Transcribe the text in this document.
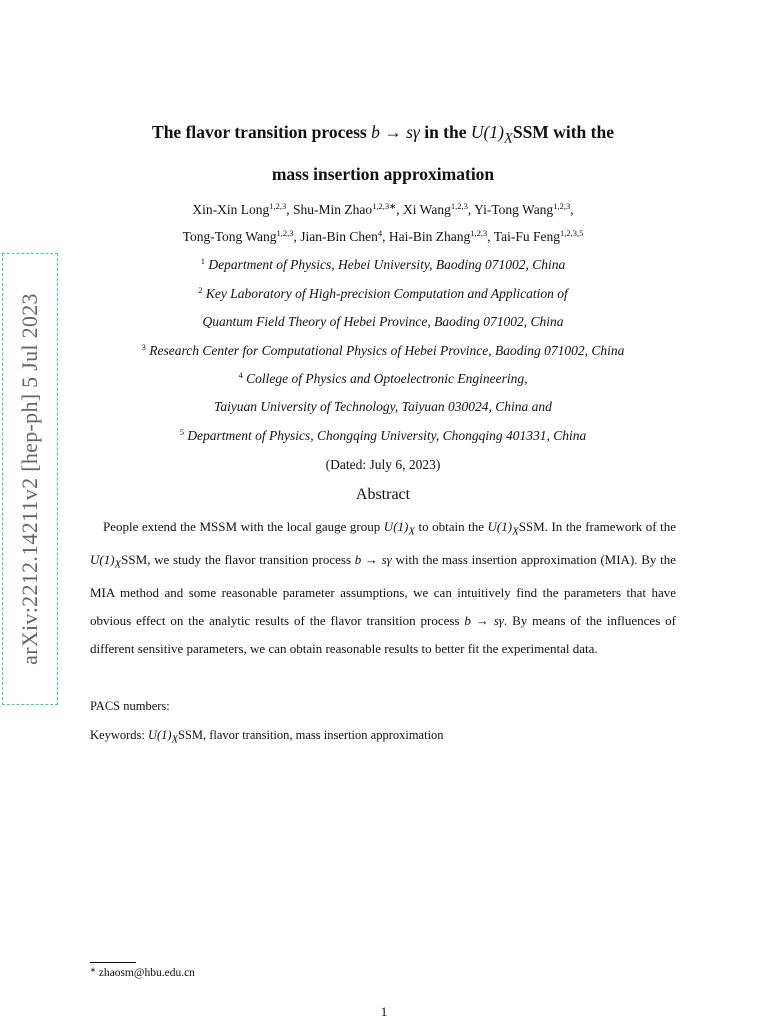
arXiv:2212.14211v2 [hep-ph] 5 Jul 2023
The flavor transition process b → sγ in the $U(1)_XSSM$ with the
mass insertion approximation
Xin-Xin Long$^{1,2,3}$, Shu-Min Zhao$^{1,2,3∗}$, Xi Wang$^{1,2,3}$, Yi-Tong Wang$^{1,2,3}$,
Tong-Tong Wang$^{1,2,3}$, Jian-Bin Chen$^4$, Hai-Bin Zhang$^{1,2,3}$, Tai-Fu Feng$^{1,2,3,5}$
$^1$ Department of Physics, Hebei University, Baoding 071002, China
$^2$ Key Laboratory of High-precision Computation and Application of
Quantum Field Theory of Hebei Province, Baoding 071002, China
$^3$ Research Center for Computational Physics of Hebei Province, Baoding 071002, China
$^4$ College of Physics and Optoelectronic Engineering,
Taiyuan University of Technology, Taiyuan 030024, China and
$^5$ Department of Physics, Chongqing University, Chongqing 401331, China
(Dated: July 6, 2023)
Abstract
People extend the MSSM with the local gauge group $U(1)_X$ to obtain the $U(1)_XSSM$. In the framework of the $U(1)_XSSM$, we study the flavor transition process b → sγ with the mass insertion approximation (MIA). By the MIA method and some reasonable parameter assumptions, we can intuitively find the parameters that have obvious effect on the analytic results of the flavor transition process b → sγ. By means of the influences of different sensitive parameters, we can obtain reasonable results to better fit the experimental data.
PACS numbers:
Keywords: $U(1)_XSSM$, flavor transition, mass insertion approximation
∗ zhaosm@hbu.edu.cn
1
